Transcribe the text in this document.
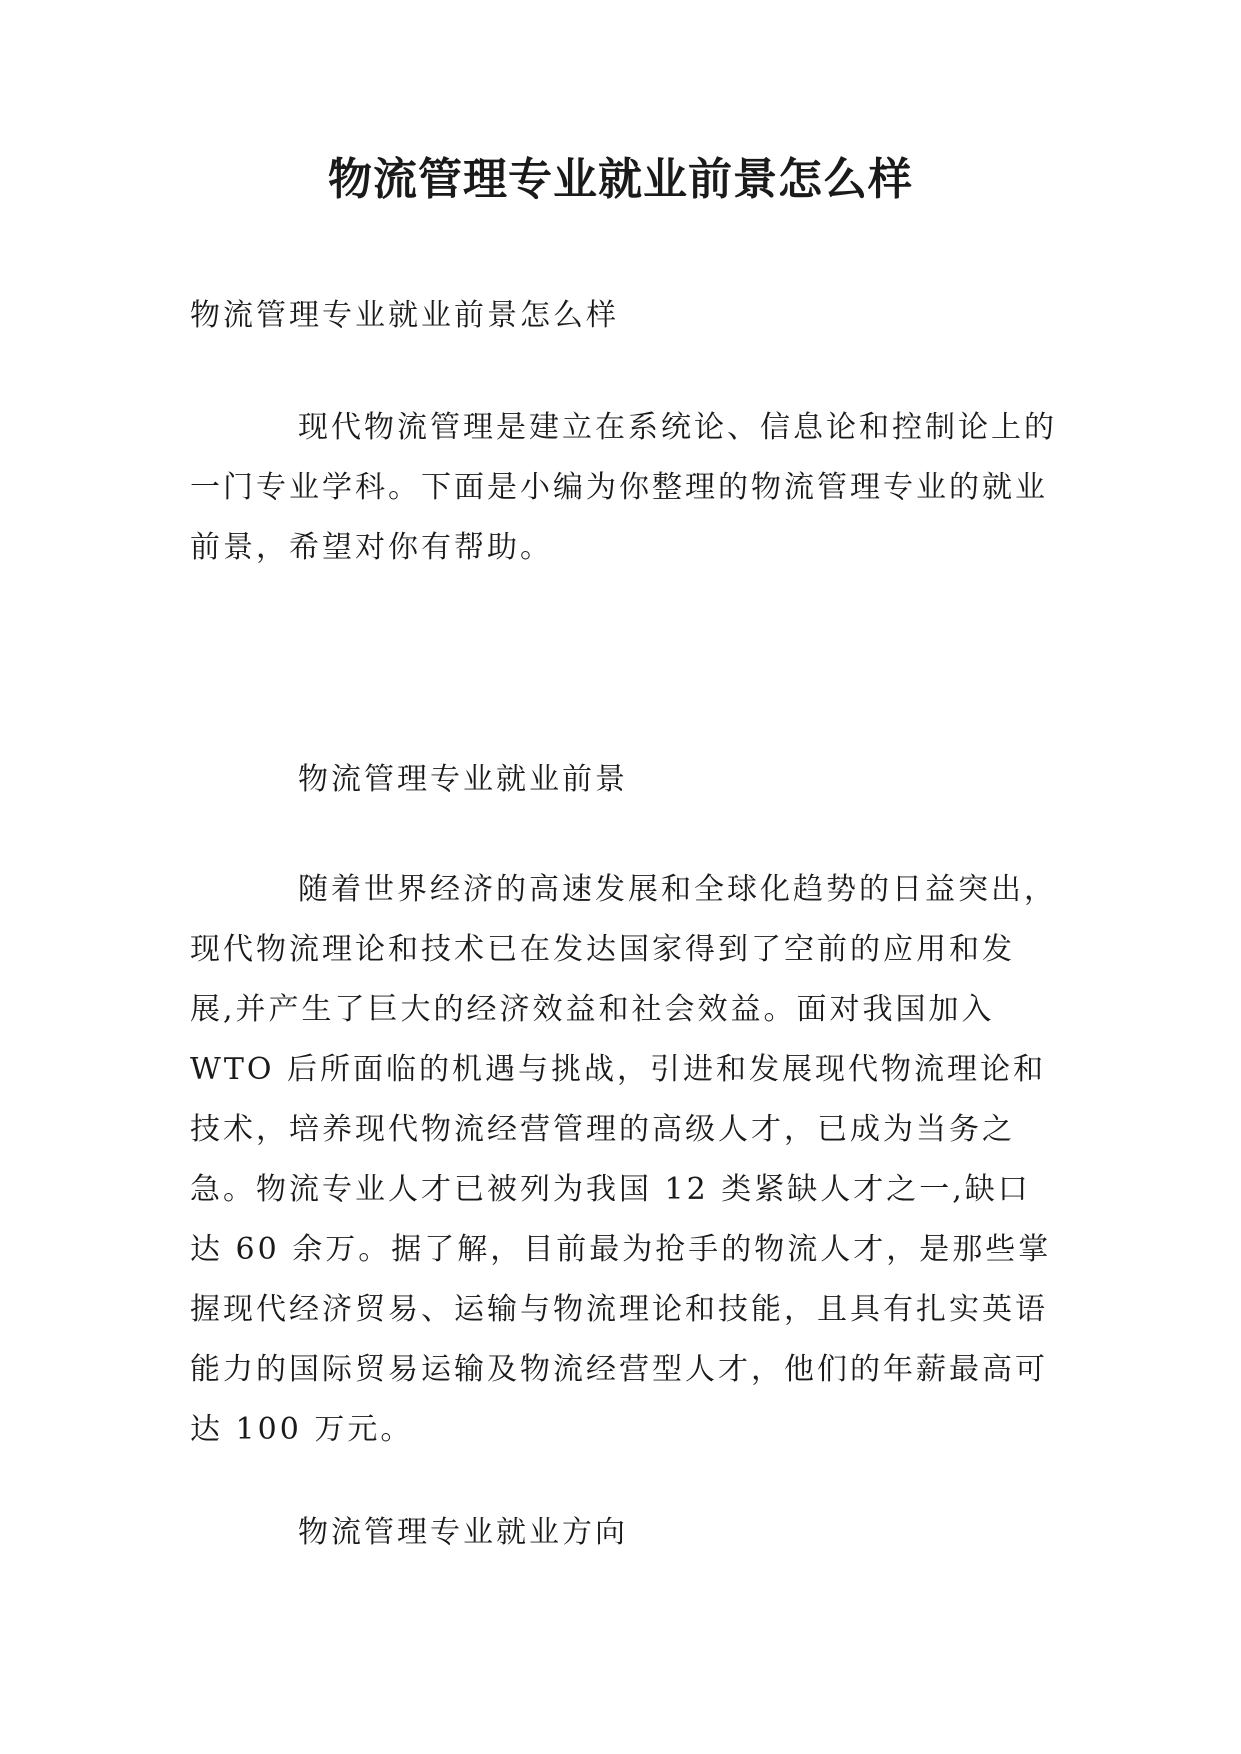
物流管理专业就业前景怎么样

物流管理专业就业前景怎么样

现代物流管理是建立在系统论、信息论和控制论上的一门专业学科。下面是小编为你整理的物流管理专业的就业前景，希望对你有帮助。

物流管理专业就业前景

随着世界经济的高速发展和全球化趋势的日益突出，现代物流理论和技术已在发达国家得到了空前的应用和发展,并产生了巨大的经济效益和社会效益。面对我国加入 WTO 后所面临的机遇与挑战，引进和发展现代物流理论和技术，培养现代物流经营管理的高级人才，已成为当务之急。物流专业人才已被列为我国 12 类紧缺人才之一,缺口达 60 余万。据了解，目前最为抢手的物流人才，是那些掌握现代经济贸易、运输与物流理论和技能，且具有扎实英语能力的国际贸易运输及物流经营型人才，他们的年薪最高可达 100 万元。

物流管理专业就业方向
